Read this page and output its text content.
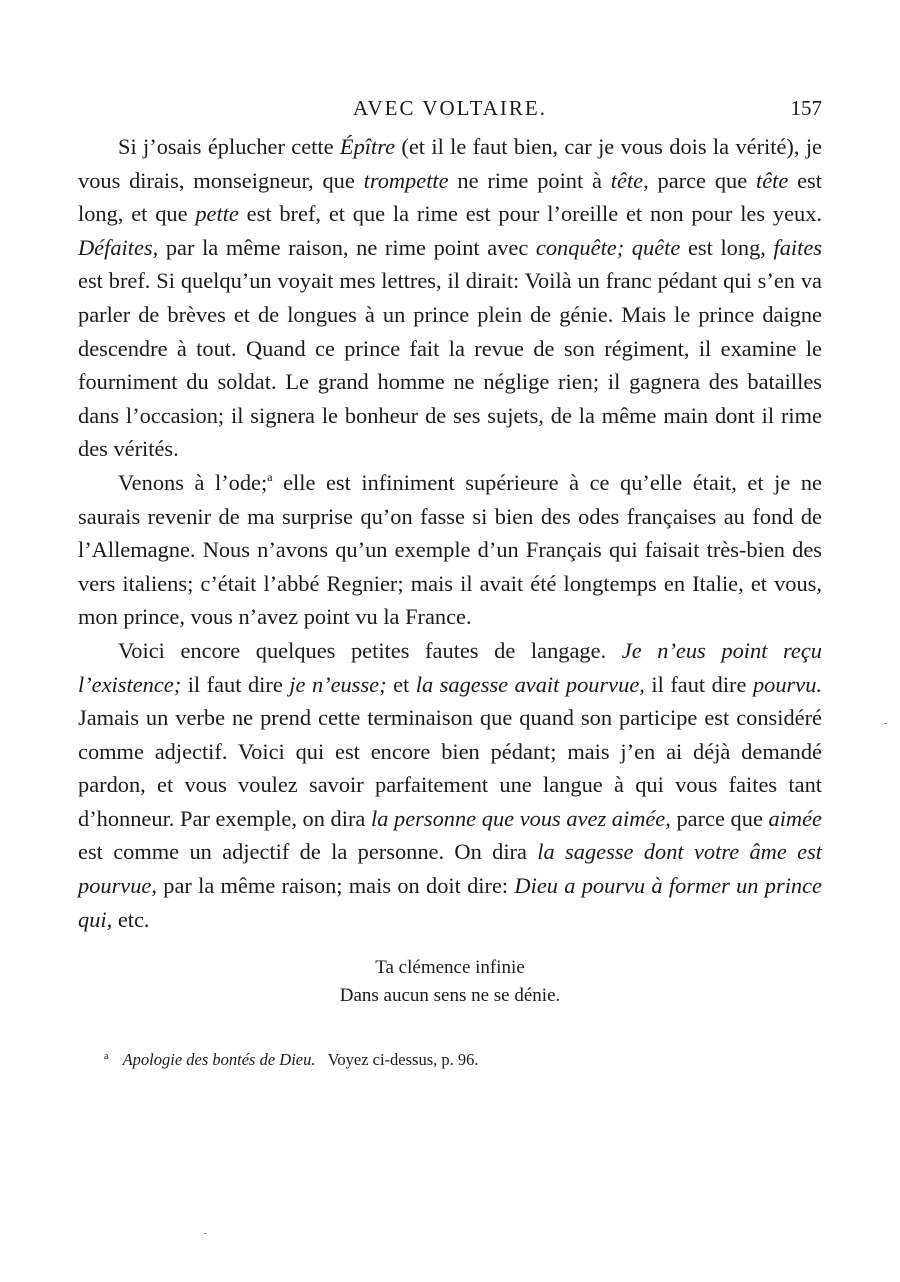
AVEC VOLTAIRE.	157

Si j’osais éplucher cette Épître (et il le faut bien, car je vous dois la vérité), je vous dirais, monseigneur, que trompette ne rime point à tête, parce que tête est long, et que pette est bref, et que la rime est pour l’oreille et non pour les yeux. Défaites, par la même raison, ne rime point avec conquête; quête est long, faites est bref. Si quelqu’un voyait mes lettres, il dirait: Voilà un franc pédant qui s’en va parler de brèves et de longues à un prince plein de génie. Mais le prince daigne descendre à tout. Quand ce prince fait la revue de son régiment, il examine le fourniment du soldat. Le grand homme ne néglige rien; il gagnera des batailles dans l’occasion; il signera le bonheur de ses sujets, de la même main dont il rime des vérités.

Venons à l’ode;$^a$ elle est infiniment supérieure à ce qu’elle était, et je ne saurais revenir de ma surprise qu’on fasse si bien des odes françaises au fond de l’Allemagne. Nous n’avons qu’un exemple d’un Français qui faisait très-bien des vers italiens; c’était l’abbé Regnier; mais il avait été longtemps en Italie, et vous, mon prince, vous n’avez point vu la France.

Voici encore quelques petites fautes de langage. Je n’eus point reçu l’existence; il faut dire je n’eusse; et la sagesse avait pourvue, il faut dire pourvu. Jamais un verbe ne prend cette terminaison que quand son participe est considéré comme adjectif. Voici qui est encore bien pédant; mais j’en ai déjà demandé pardon, et vous voulez savoir parfaitement une langue à qui vous faites tant d’honneur. Par exemple, on dira la personne que vous avez aimée, parce que aimée est comme un adjectif de la personne. On dira la sagesse dont votre âme est pourvue, par la même raison; mais on doit dire: Dieu a pourvu à former un prince qui, etc.

Ta clémence infinie
Dans aucun sens ne se dénie.
$^a$ Apologie des bontés de Dieu. Voyez ci-dessus, p. 96.
